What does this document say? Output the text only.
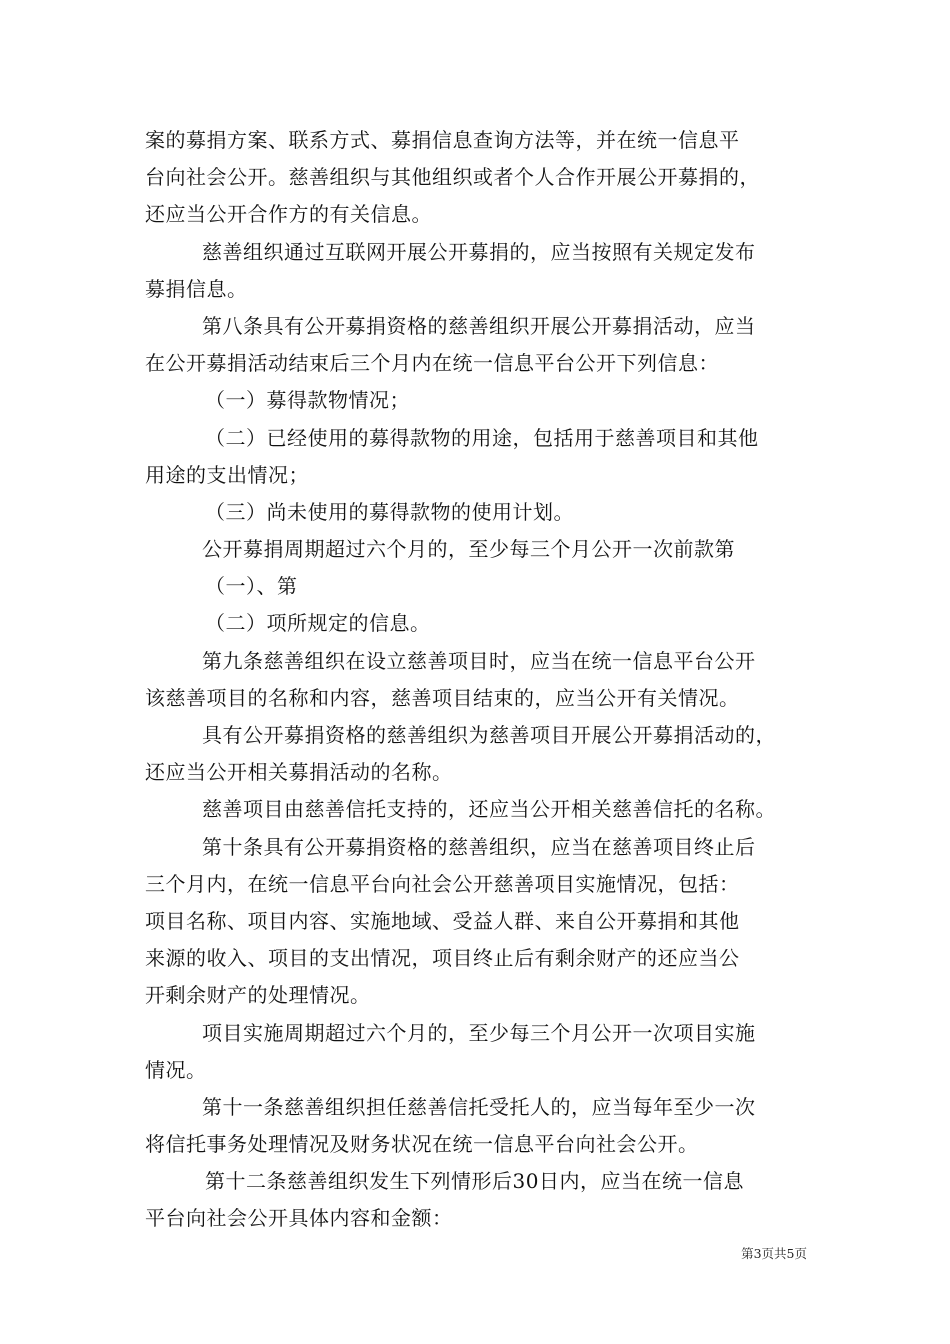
案的募捐方案、联系方式、募捐信息查询方法等，并在统一信息平
台向社会公开。慈善组织与其他组织或者个人合作开展公开募捐的，
还应当公开合作方的有关信息。
慈善组织通过互联网开展公开募捐的，应当按照有关规定发布
募捐信息。
第八条具有公开募捐资格的慈善组织开展公开募捐活动，应当
在公开募捐活动结束后三个月内在统一信息平台公开下列信息：
（一）募得款物情况；
（二）已经使用的募得款物的用途，包括用于慈善项目和其他
用途的支出情况；
（三）尚未使用的募得款物的使用计划。
公开募捐周期超过六个月的，至少每三个月公开一次前款第
（一）、第
（二）项所规定的信息。
第九条慈善组织在设立慈善项目时，应当在统一信息平台公开
该慈善项目的名称和内容，慈善项目结束的，应当公开有关情况。
具有公开募捐资格的慈善组织为慈善项目开展公开募捐活动的，
还应当公开相关募捐活动的名称。
慈善项目由慈善信托支持的，还应当公开相关慈善信托的名称。
第十条具有公开募捐资格的慈善组织，应当在慈善项目终止后
三个月内，在统一信息平台向社会公开慈善项目实施情况，包括：
项目名称、项目内容、实施地域、受益人群、来自公开募捐和其他
来源的收入、项目的支出情况，项目终止后有剩余财产的还应当公
开剩余财产的处理情况。
项目实施周期超过六个月的，至少每三个月公开一次项目实施
情况。
第十一条慈善组织担任慈善信托受托人的，应当每年至少一次
将信托事务处理情况及财务状况在统一信息平台向社会公开。
第十二条慈善组织发生下列情形后30日内，应当在统一信息
平台向社会公开具体内容和金额：
第3页共5页
